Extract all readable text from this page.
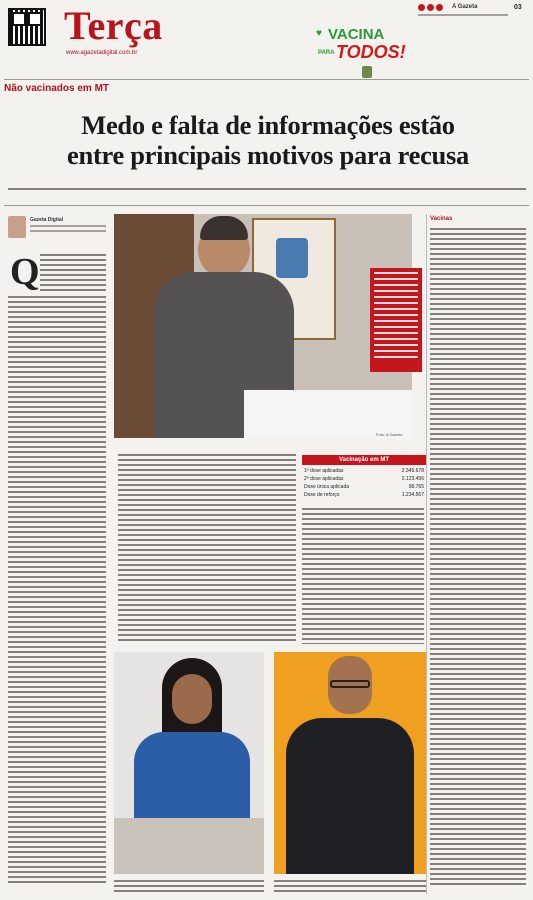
Terça
www.agazetadigital.com.br
A Gazeta	03
♥ VACINA
PARA TODOS!
Não vacinados em MT
Medo e falta de informações estão
entre principais motivos para recusa
Gazeta Digital
Q
Foto: A Gazeta
Vacinas
Vacinação em MT
1ª dose aplicadas	2.345.678
2ª dose aplicadas	2.123.456
Dose única aplicada	98.765
Dose de reforço	1.234.567
